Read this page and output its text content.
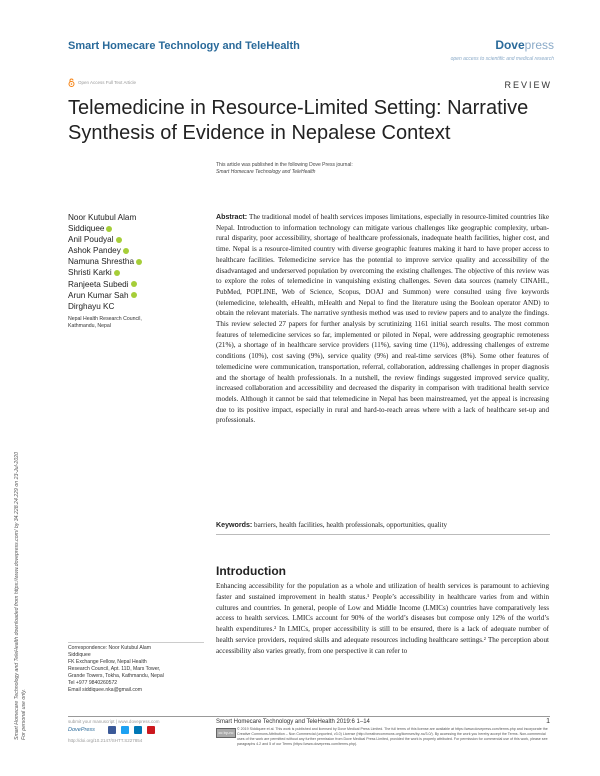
Smart Homecare Technology and TeleHealth	Dovepress
open access to scientific and medical research
Open Access Full Text Article	REVIEW
Telemedicine in Resource-Limited Setting: Narrative
Synthesis of Evidence in Nepalese Context
This article was published in the following Dove Press journal:
Smart Homecare Technology and TeleHealth
Smart Homecare Technology and TeleHealth downloaded from https://www.dovepress.com/ by 34.228.24.229 on 23-Jul-2020 For personal use only.
Noor Kutubul Alam
Siddiquee
Anil Poudyal
Ashok Pandey
Namuna Shrestha
Shristi Karki
Ranjeeta Subedi
Arun Kumar Sah
Dirghayu KC
Nepal Health Research Council,
Kathmandu, Nepal
Abstract: The traditional model of health services imposes limitations, especially in resource-limited countries like Nepal. Introduction to information technology can mitigate various challenges like geographic complexity, urban-rural disparity, poor accessibility, shortage of healthcare professionals, inadequate health facilities, higher cost, and time. Nepal is a resource-limited country with diverse geographic features making it hard to have proper access to healthcare facilities. Telemedicine service has the potential to improve service quality and accessibility of the disadvantaged and underserved population by overcoming the existing challenges. The objective of this review was to explore the roles of telemedicine in vanquishing existing challenges. Seven data sources (namely CINAHL, PubMed, POPLINE, Web of Science, Scopus, DOAJ and Summon) were consulted using five keywords (telemedicine, telehealth, eHealth, mHealth and Nepal to find the literature using the Boolean operator AND) to obtain the relevant materials. The narrative synthesis method was used to review papers and to analyze the findings. This review selected 27 papers for further analysis by scrutinizing 1161 initial search results. The most common features of telemedicine services so far, implemented or piloted in Nepal, were addressing geographic remoteness (21%), a shortage of in healthcare service providers (11%), saving time (11%), addressing challenges of extreme conditions (10%), cost saving (9%), service quality (9%) and real-time services (8%). Some other features of telemedicine were communication, transportation, referral, collaboration, addressing challenges in proper diagnosis and the shortage of health professionals. In a nutshell, the review findings suggested improved service quality, increased collaboration and accessibility and decreased the disparity in comparison with traditional health service models. Although it cannot be said that telemedicine in Nepal has been mainstreamed, yet the appeal is increasing due to its positive impact, especially in rural and hard-to-reach areas where with a lack of healthcare set-up and professionals.
Keywords: barriers, health facilities, health professionals, opportunities, quality
Introduction
Enhancing accessibility for the population as a whole and utilization of health services is paramount to achieving faster and sustained improvement in health status.¹ People’s accessibility in healthcare varies from and within cultures and countries. In general, people of Low and Middle Income (LMICs) countries have comparatively less access to health services. LMICs account for 90% of the world’s diseases but compose only 12% of the world’s health expenditures.² In LMICs, proper accessibility is still to be ensured, there is a lack of adequate number of health service providers, required skills and adequate resources including healthcare settings.² The perception about accessibility also varies greatly, from one perspective it can refer to
Correspondence: Noor Kutubul Alam
Siddiquee
FK Exchange Fellow, Nepal Health
Research Council, Apt. 11D, Mars Tower,
Grande Towers, Tokha, Kathmandu, Nepal
Tel +977 9840260572
Email siddiquee.nka@gmail.com
submit your manuscript | www.dovepress.com
DovePress
http://doi.org/10.2147/SHTT.S227854
Smart Homecare Technology and TeleHealth 2019:6 1–14	1
cc by-nc
© 2019 Siddiquee et al. This work is published and licensed by Dove Medical Press Limited. The full terms of this license are available at https://www.dovepress.com/terms.php and incorporate the Creative Commons Attribution – Non Commercial (unported, v3.0) License (http://creativecommons.org/licenses/by-nc/3.0/). By accessing the work you hereby accept the Terms. Non-commercial uses of the work are permitted without any further permission from Dove Medical Press Limited, provided the work is properly attributed. For permission for commercial use of this work, please see paragraphs 4.2 and 5 of our Terms (https://www.dovepress.com/terms.php).
